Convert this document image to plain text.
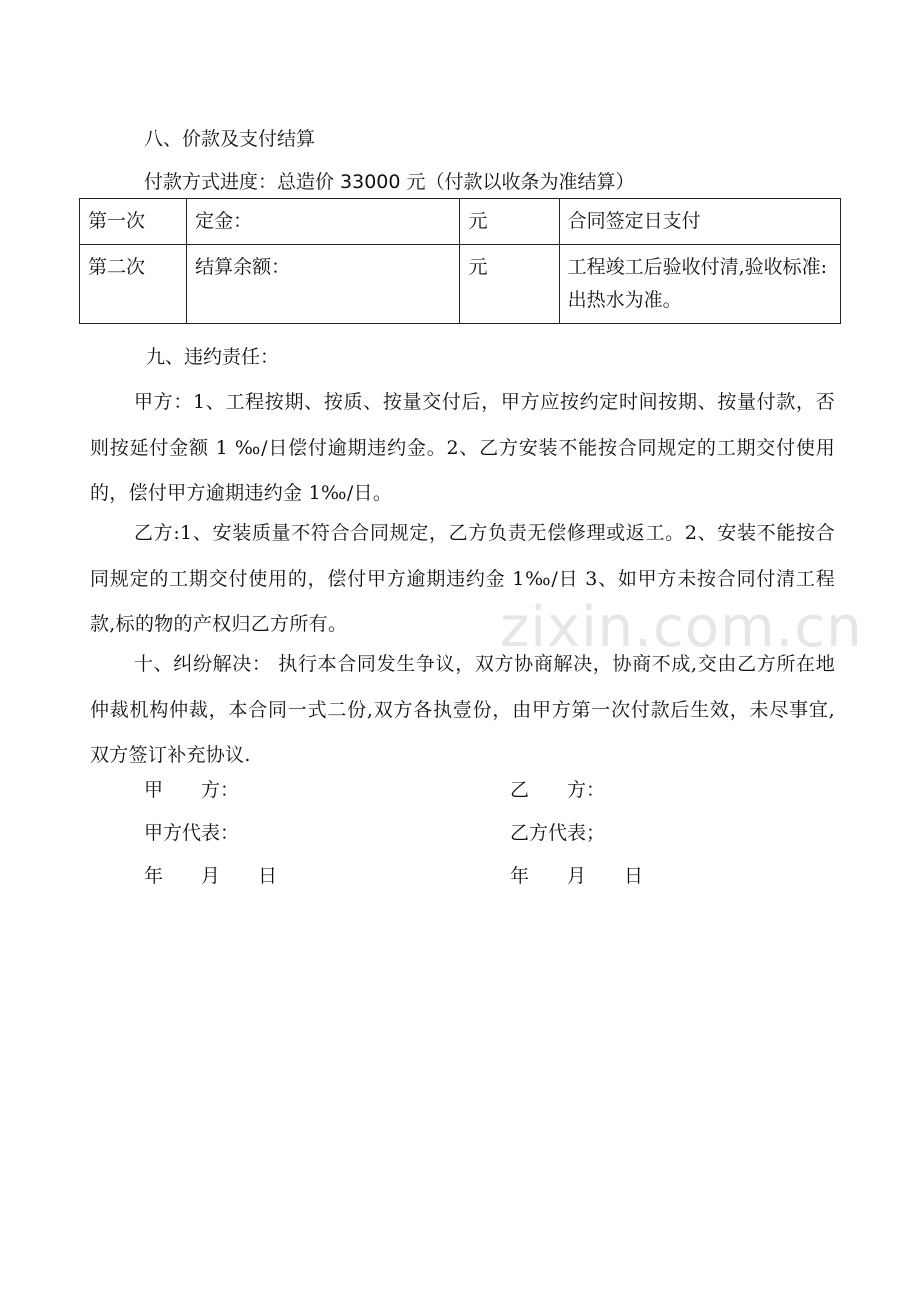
zixin.com.cn
八、价款及支付结算
付款方式进度：总造价 33000 元（付款以收条为准结算）
第一次	定金：	元	合同签定日支付
第二次	结算余额：	元	工程竣工后验收付清,验收标准:出热水为准。
九、违约责任：
甲方：1、工程按期、按质、按量交付后，甲方应按约定时间按期、按量付款，否则按延付金额 1 ‰/日偿付逾期违约金。2、乙方安装不能按合同规定的工期交付使用的，偿付甲方逾期违约金 1‰/日。
乙方:1、安装质量不符合合同规定，乙方负责无偿修理或返工。2、安装不能按合同规定的工期交付使用的，偿付甲方逾期违约金 1‰/日 3、如甲方未按合同付清工程款,标的物的产权归乙方所有。
十、纠纷解决： 执行本合同发生争议，双方协商解决，协商不成,交由乙方所在地仲裁机构仲裁，本合同一式二份,双方各执壹份，由甲方第一次付款后生效，未尽事宜,双方签订补充协议.
甲　　方：	乙　　方：
甲方代表：	乙方代表；
年　　月　　日	年　　月　　日
